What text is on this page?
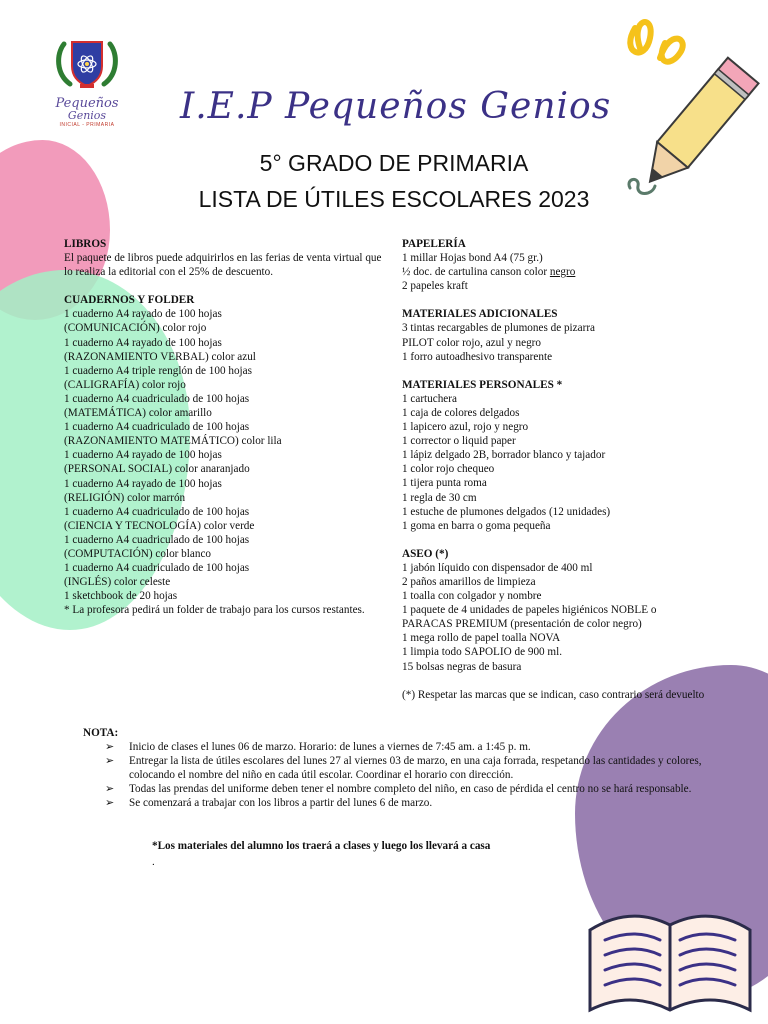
Pequeños
Genios
INICIAL - PRIMARIA	I.E.P Pequeños Genios
5° GRADO DE PRIMARIA
LISTA DE ÚTILES ESCOLARES 2023
LIBROS
El paquete de libros puede adquirirlos en las ferias de venta virtual que lo realiza la editorial con el 25% de descuento.
CUADERNOS Y FOLDER
1 cuaderno A4 rayado de 100 hojas
(COMUNICACIÓN) color rojo
1 cuaderno A4 rayado de 100 hojas
(RAZONAMIENTO VERBAL) color azul
1 cuaderno A4 triple renglón de 100 hojas
(CALIGRAFÍA) color rojo
1 cuaderno A4 cuadriculado de 100 hojas
(MATEMÁTICA) color amarillo
1 cuaderno A4 cuadriculado de 100 hojas
(RAZONAMIENTO MATEMÁTICO) color lila
1 cuaderno A4 rayado de 100 hojas
(PERSONAL SOCIAL) color anaranjado
1 cuaderno A4 rayado de 100 hojas
(RELIGIÓN) color marrón
1 cuaderno A4 cuadriculado de 100 hojas
(CIENCIA Y TECNOLOGÍA) color verde
1 cuaderno A4 cuadriculado de 100 hojas
(COMPUTACIÓN) color blanco
1 cuaderno A4 cuadriculado de 100 hojas
(INGLÉS) color celeste
1 sketchbook de 20 hojas
* La profesora pedirá un folder de trabajo para los cursos restantes.
PAPELERÍA
1 millar Hojas bond A4 (75 gr.)
½ doc. de cartulina canson color negro
2 papeles kraft
MATERIALES ADICIONALES
3 tintas recargables de plumones de pizarra
PILOT color rojo, azul y negro
1 forro autoadhesivo transparente
MATERIALES PERSONALES *
1 cartuchera
1 caja de colores delgados
1 lapicero azul, rojo y negro
1 corrector o liquid paper
1 lápiz delgado 2B, borrador blanco y tajador
1 color rojo chequeo
1 tijera punta roma
1 regla de 30 cm
1 estuche de plumones delgados (12 unidades)
1 goma en barra o goma pequeña
ASEO (*)
1 jabón líquido con dispensador de 400 ml
2 paños amarillos de limpieza
1 toalla con colgador y nombre
1 paquete de 4 unidades de papeles higiénicos NOBLE o
PARACAS PREMIUM (presentación de color negro)
1 mega rollo de papel toalla NOVA
1 limpia todo SAPOLIO de 900 ml.
15 bolsas negras de basura
(*) Respetar las marcas que se indican, caso contrario será devuelto
NOTA:
➢ Inicio de clases el lunes 06 de marzo. Horario: de lunes a viernes de 7:45 am. a 1:45 p. m.
➢ Entregar la lista de útiles escolares del lunes 27 al viernes 03 de marzo, en una caja forrada, respetando las cantidades y colores, colocando el nombre del niño en cada útil escolar. Coordinar el horario con dirección.
➢ Todas las prendas del uniforme deben tener el nombre completo del niño, en caso de pérdida el centro no se hará responsable.
➢ Se comenzará a trabajar con los libros a partir del lunes 6 de marzo.
*Los materiales del alumno los traerá a clases y luego los llevará a casa
.
